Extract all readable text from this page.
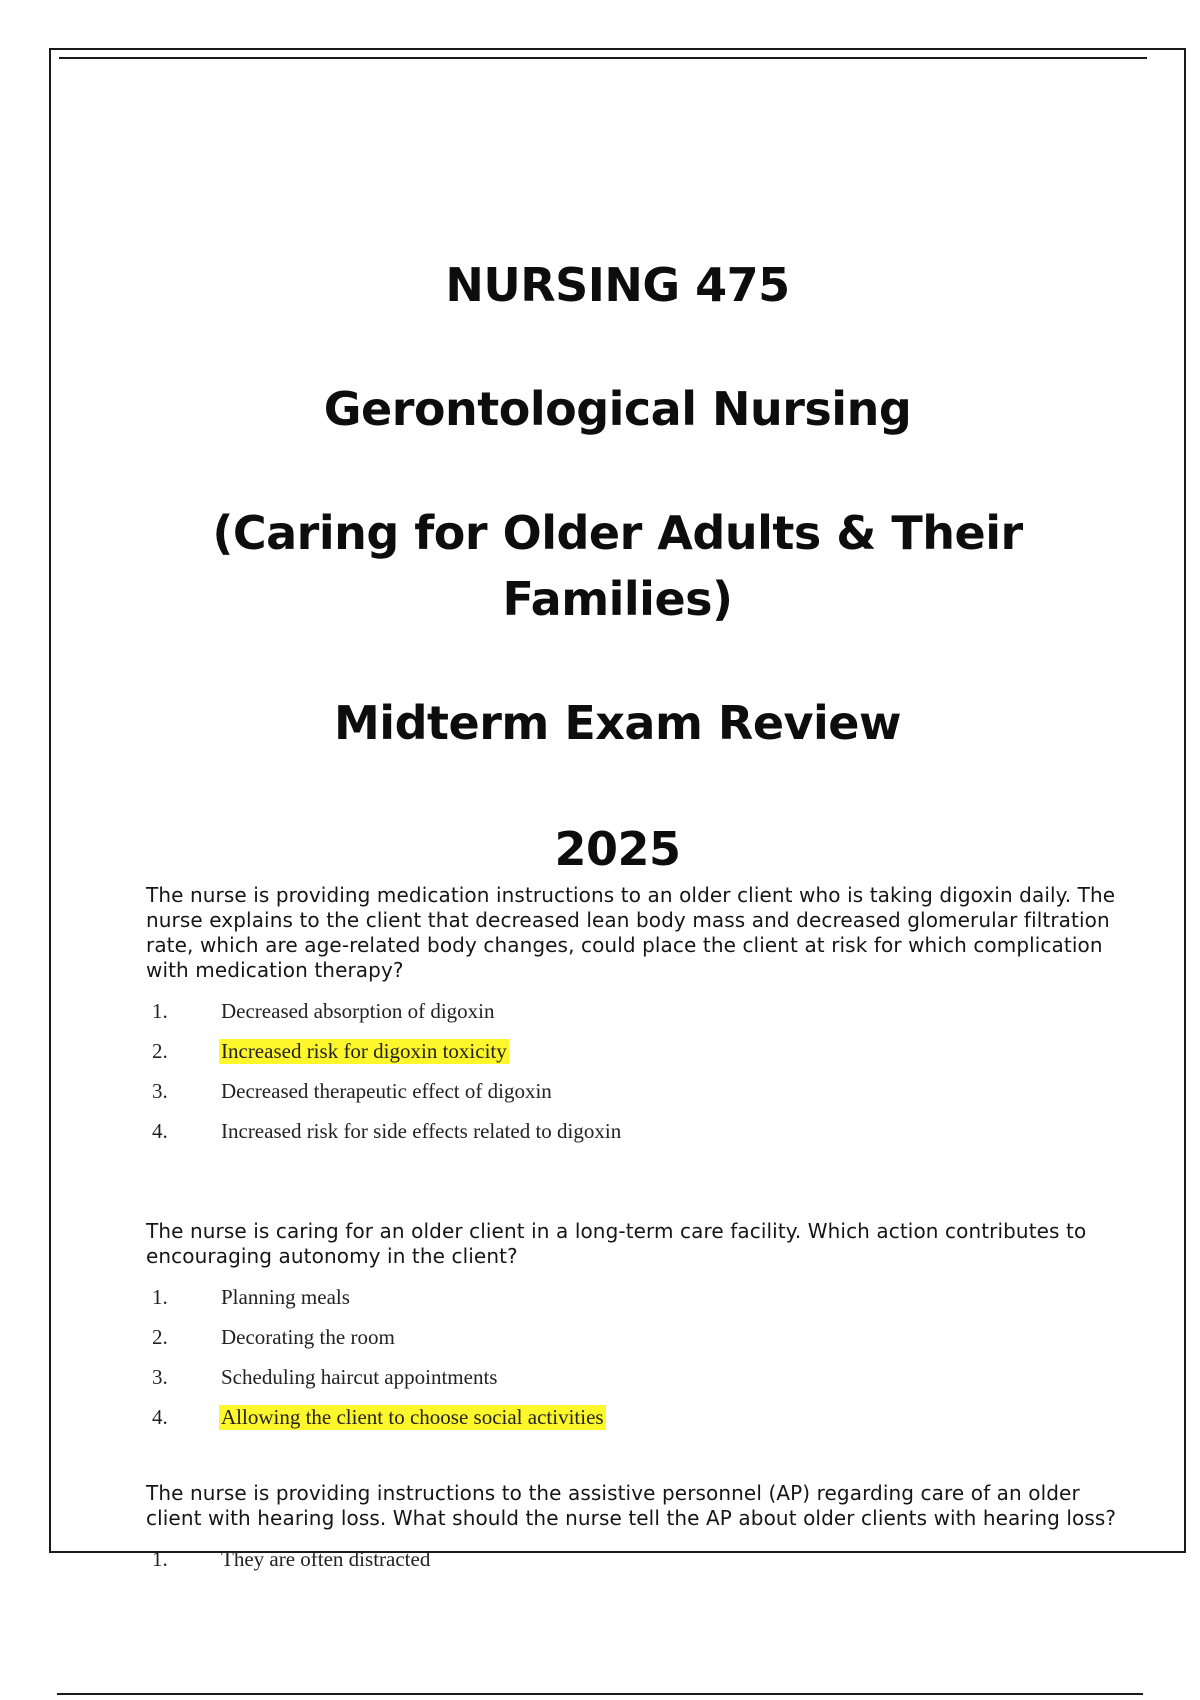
NURSING 475

Gerontological Nursing

(Caring for Older Adults & Their

Families)

Midterm Exam Review

2025

The nurse is providing medication instructions to an older client who is taking digoxin daily. The nurse explains to the client that decreased lean body mass and decreased glomerular filtration rate, which are age-related body changes, could place the client at risk for which complication with medication therapy?

1.	Decreased absorption of digoxin
2.	Increased risk for digoxin toxicity
3.	Decreased therapeutic effect of digoxin
4.	Increased risk for side effects related to digoxin

The nurse is caring for an older client in a long-term care facility. Which action contributes to encouraging autonomy in the client?

1.	Planning meals
2.	Decorating the room
3.	Scheduling haircut appointments
4.	Allowing the client to choose social activities

The nurse is providing instructions to the assistive personnel (AP) regarding care of an older client with hearing loss. What should the nurse tell the AP about older clients with hearing loss?

1.	They are often distracted
